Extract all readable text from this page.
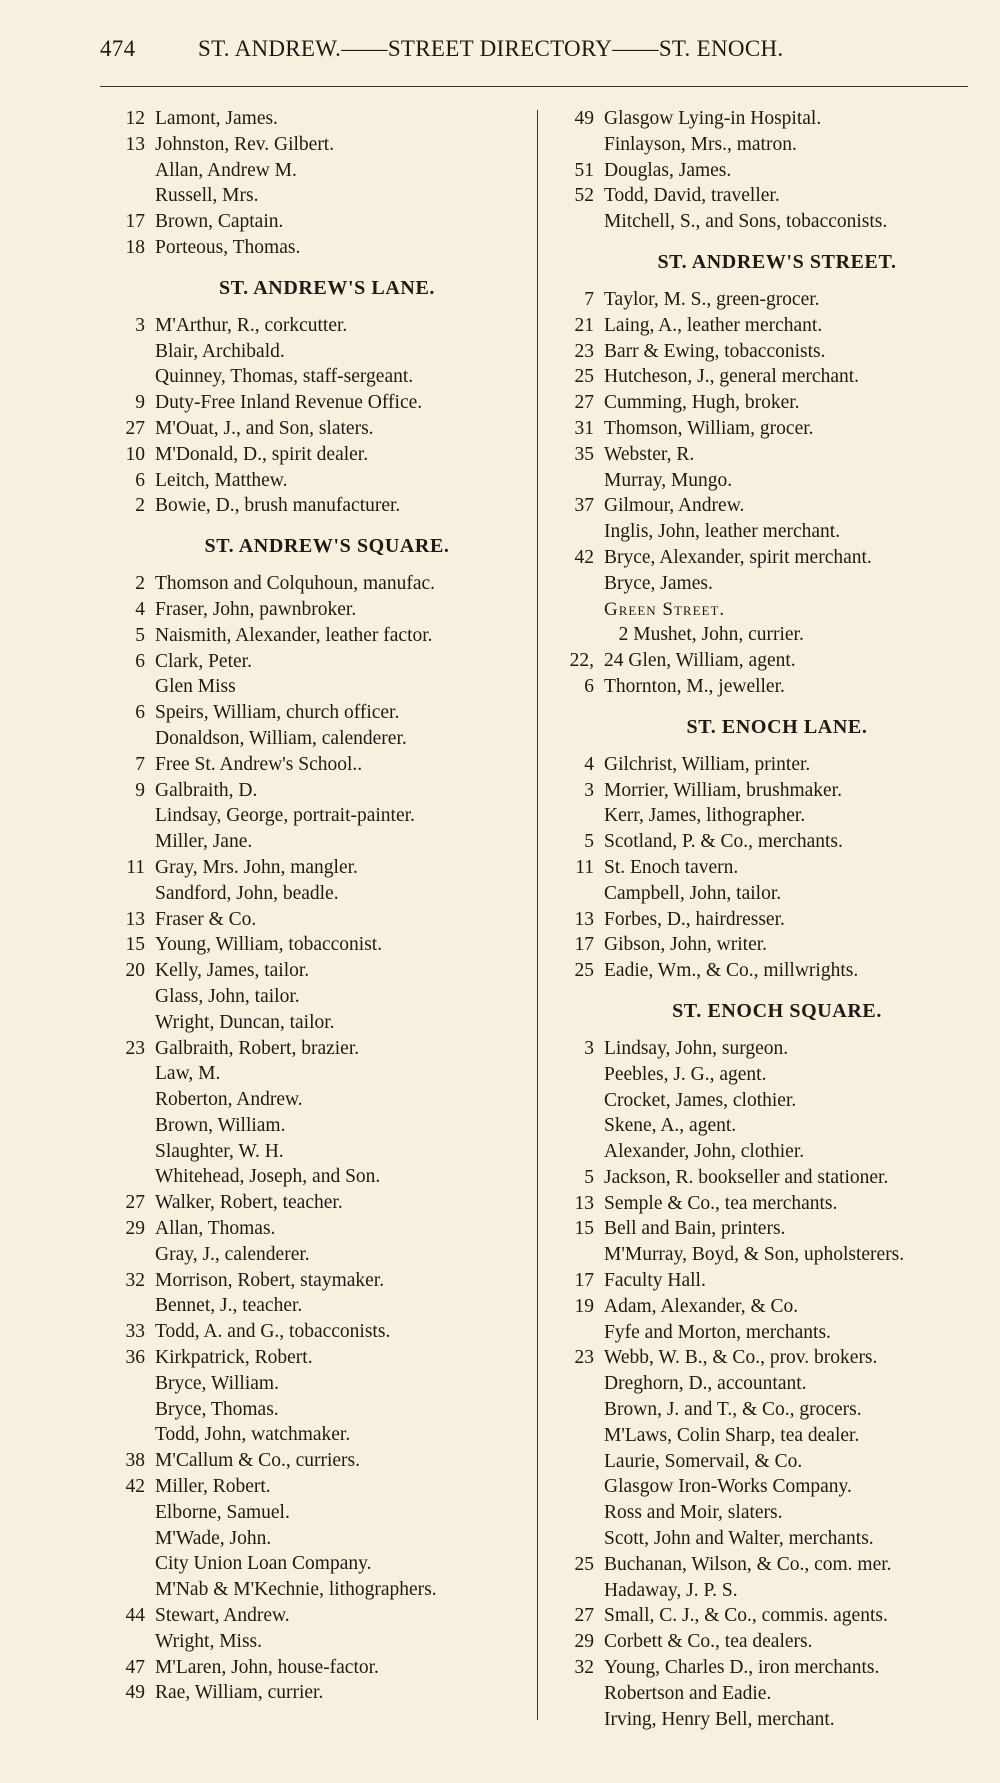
474	ST. ANDREW.——STREET DIRECTORY——ST. ENOCH.
12 Lamont, James.
13 Johnston, Rev. Gilbert.
Allan, Andrew M.
Russell, Mrs.
17 Brown, Captain.
18 Porteous, Thomas.
ST. ANDREW'S LANE.
3 M'Arthur, R., corkcutter.
Blair, Archibald.
Quinney, Thomas, staff-sergeant.
9 Duty-Free Inland Revenue Office.
27 M'Ouat, J., and Son, slaters.
10 M'Donald, D., spirit dealer.
6 Leitch, Matthew.
2 Bowie, D., brush manufacturer.
ST. ANDREW'S SQUARE.
2 Thomson and Colquhoun, manufac.
4 Fraser, John, pawnbroker.
5 Naismith, Alexander, leather factor.
6 Clark, Peter.
Glen Miss
6 Speirs, William, church officer.
Donaldson, William, calenderer.
7 Free St. Andrew's School..
9 Galbraith, D.
Lindsay, George, portrait-painter.
Miller, Jane.
11 Gray, Mrs. John, mangler.
Sandford, John, beadle.
13 Fraser & Co.
15 Young, William, tobacconist.
20 Kelly, James, tailor.
Glass, John, tailor.
Wright, Duncan, tailor.
23 Galbraith, Robert, brazier.
Law, M.
Roberton, Andrew.
Brown, William.
Slaughter, W. H.
Whitehead, Joseph, and Son.
27 Walker, Robert, teacher.
29 Allan, Thomas.
Gray, J., calenderer.
32 Morrison, Robert, staymaker.
Bennet, J., teacher.
33 Todd, A. and G., tobacconists.
36 Kirkpatrick, Robert.
Bryce, William.
Bryce, Thomas.
Todd, John, watchmaker.
38 M'Callum & Co., curriers.
42 Miller, Robert.
Elborne, Samuel.
M'Wade, John.
City Union Loan Company.
M'Nab & M'Kechnie, lithographers.
44 Stewart, Andrew.
Wright, Miss.
47 M'Laren, John, house-factor.
49 Rae, William, currier.
49 Glasgow Lying-in Hospital.
Finlayson, Mrs., matron.
51 Douglas, James.
52 Todd, David, traveller.
Mitchell, S., and Sons, tobacconists.
ST. ANDREW'S STREET.
7 Taylor, M. S., green-grocer.
21 Laing, A., leather merchant.
23 Barr & Ewing, tobacconists.
25 Hutcheson, J., general merchant.
27 Cumming, Hugh, broker.
31 Thomson, William, grocer.
35 Webster, R.
Murray, Mungo.
37 Gilmour, Andrew.
Inglis, John, leather merchant.
42 Bryce, Alexander, spirit merchant.
Bryce, James.
Green Street.
2 Mushet, John, currier.
22, 24 Glen, William, agent.
6 Thornton, M., jeweller.
ST. ENOCH LANE.
4 Gilchrist, William, printer.
3 Morrier, William, brushmaker.
Kerr, James, lithographer.
5 Scotland, P. & Co., merchants.
11 St. Enoch tavern.
Campbell, John, tailor.
13 Forbes, D., hairdresser.
17 Gibson, John, writer.
25 Eadie, Wm., & Co., millwrights.
ST. ENOCH SQUARE.
3 Lindsay, John, surgeon.
Peebles, J. G., agent.
Crocket, James, clothier.
Skene, A., agent.
Alexander, John, clothier.
5 Jackson, R. bookseller and stationer.
13 Semple & Co., tea merchants.
15 Bell and Bain, printers.
M'Murray, Boyd, & Son, upholsterers.
17 Faculty Hall.
19 Adam, Alexander, & Co.
Fyfe and Morton, merchants.
23 Webb, W. B., & Co., prov. brokers.
Dreghorn, D., accountant.
Brown, J. and T., & Co., grocers.
M'Laws, Colin Sharp, tea dealer.
Laurie, Somervail, & Co.
Glasgow Iron-Works Company.
Ross and Moir, slaters.
Scott, John and Walter, merchants.
25 Buchanan, Wilson, & Co., com. mer.
Hadaway, J. P. S.
27 Small, C. J., & Co., commis. agents.
29 Corbett & Co., tea dealers.
32 Young, Charles D., iron merchants.
Robertson and Eadie.
Irving, Henry Bell, merchant.
